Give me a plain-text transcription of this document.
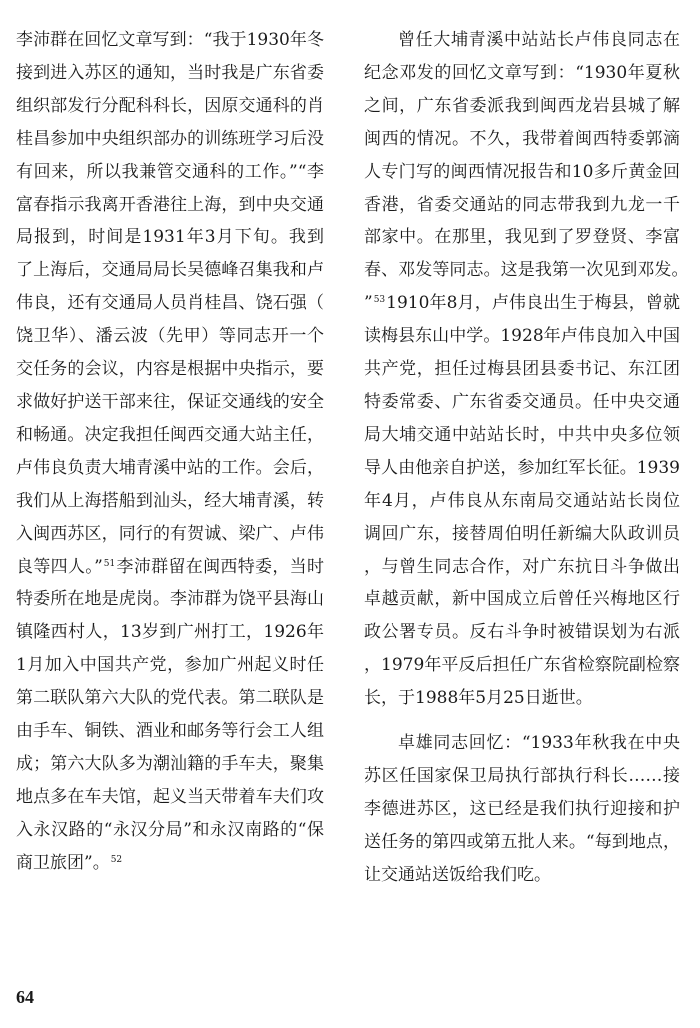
李沛群在回忆文章写到：“我于1930年冬接到进入苏区的通知，当时我是广东省委组织部发行分配科科长，因原交通科的肖桂昌参加中央组织部办的训练班学习后没有回来，所以我兼管交通科的工作。”“李富春指示我离开香港往上海，到中央交通局报到，时间是1931年3月下旬。我到了上海后，交通局局长吴德峰召集我和卢伟良，还有交通局人员肖桂昌、饶石强（饶卫华）、潘云波（先甲）等同志开一个交任务的会议，内容是根据中央指示，要求做好护送干部来往，保证交通线的安全和畅通。决定我担任闽西交通大站主任，卢伟良负责大埔青溪中站的工作。会后，我们从上海搭船到汕头，经大埔青溪，转入闽西苏区，同行的有贺诚、梁广、卢伟良等四人。”$^{51}$李沛群留在闽西特委，当时特委所在地是虎岗。李沛群为饶平县海山镇隆西村人，13岁到广州打工，1926年1月加入中国共产党，参加广州起义时任第二联队第六大队的党代表。第二联队是由手车、铜铁、酒业和邮务等行会工人组成；第六大队多为潮汕籍的手车夫，聚集地点多在车夫馆，起义当天带着车夫们攻入永汉路的“永汉分局”和永汉南路的“保商卫旅团”。$^{52}$

曾任大埔青溪中站站长卢伟良同志在纪念邓发的回忆文章写到：“1930年夏秋之间，广东省委派我到闽西龙岩县城了解闽西的情况。不久，我带着闽西特委郭滴人专门写的闽西情况报告和10多斤黄金回香港，省委交通站的同志带我到九龙一千部家中。在那里，我见到了罗登贤、李富春、邓发等同志。这是我第一次见到邓发。”$^{53}$1910年8月，卢伟良出生于梅县，曾就读梅县东山中学。1928年卢伟良加入中国共产党，担任过梅县团县委书记、东江团特委常委、广东省委交通员。任中央交通局大埔交通中站站长时，中共中央多位领导人由他亲自护送，参加红军长征。1939年4月，卢伟良从东南局交通站站长岗位调回广东，接替周伯明任新编大队政训员，与曾生同志合作，对广东抗日斗争做出卓越贡献，新中国成立后曾任兴梅地区行政公署专员。反右斗争时被错误划为右派，1979年平反后担任广东省检察院副检察长，于1988年5月25日逝世。

卓雄同志回忆：“1933年秋我在中央苏区任国家保卫局执行部执行科长……接李德进苏区，这已经是我们执行迎接和护送任务的第四或第五批人来。“每到地点，让交通站送饭给我们吃。

64
